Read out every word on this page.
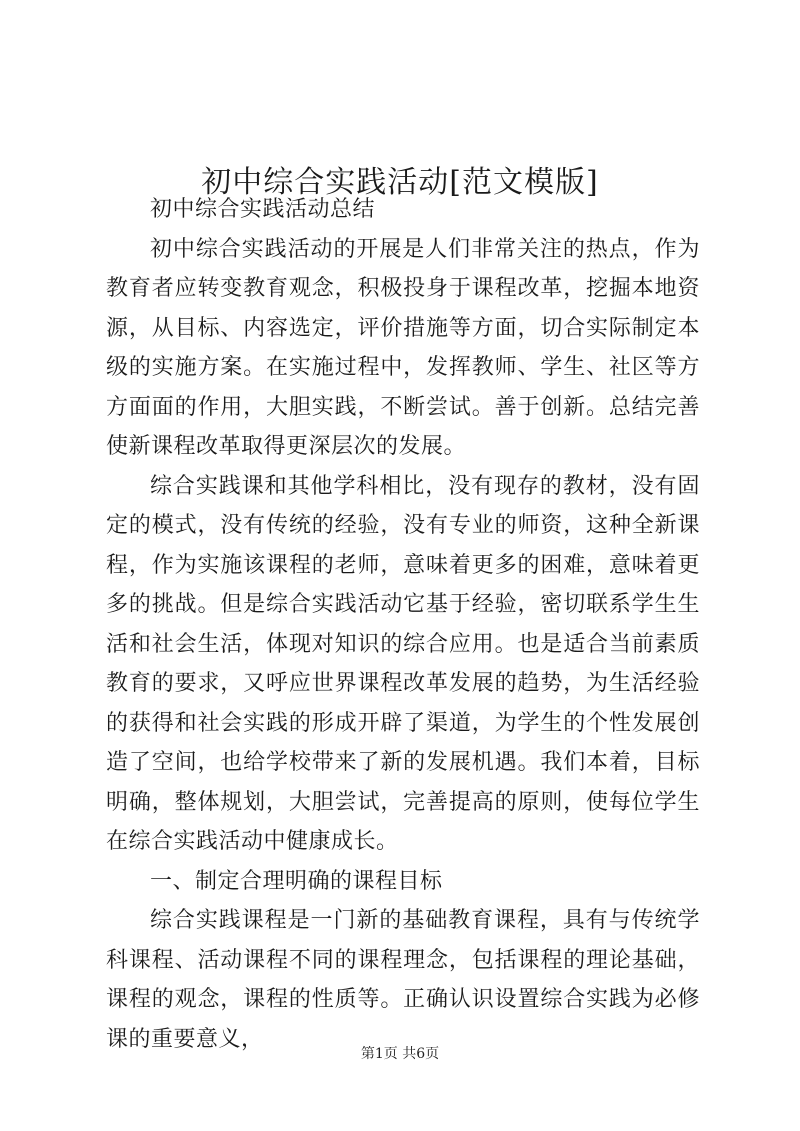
初中综合实践活动[范文模版]

初中综合实践活动总结

初中综合实践活动的开展是人们非常关注的热点，作为教育者应转变教育观念，积极投身于课程改革，挖掘本地资源，从目标、内容选定，评价措施等方面，切合实际制定本级的实施方案。在实施过程中，发挥教师、学生、社区等方方面面的作用，大胆实践，不断尝试。善于创新。总结完善使新课程改革取得更深层次的发展。

综合实践课和其他学科相比，没有现存的教材，没有固定的模式，没有传统的经验，没有专业的师资，这种全新课程，作为实施该课程的老师，意味着更多的困难，意味着更多的挑战。但是综合实践活动它基于经验，密切联系学生生活和社会生活，体现对知识的综合应用。也是适合当前素质教育的要求，又呼应世界课程改革发展的趋势，为生活经验的获得和社会实践的形成开辟了渠道，为学生的个性发展创造了空间，也给学校带来了新的发展机遇。我们本着，目标明确，整体规划，大胆尝试，完善提高的原则，使每位学生在综合实践活动中健康成长。

一、制定合理明确的课程目标

综合实践课程是一门新的基础教育课程，具有与传统学科课程、活动课程不同的课程理念，包括课程的理论基础，课程的观念，课程的性质等。正确认识设置综合实践为必修课的重要意义，

第1页 共6页
